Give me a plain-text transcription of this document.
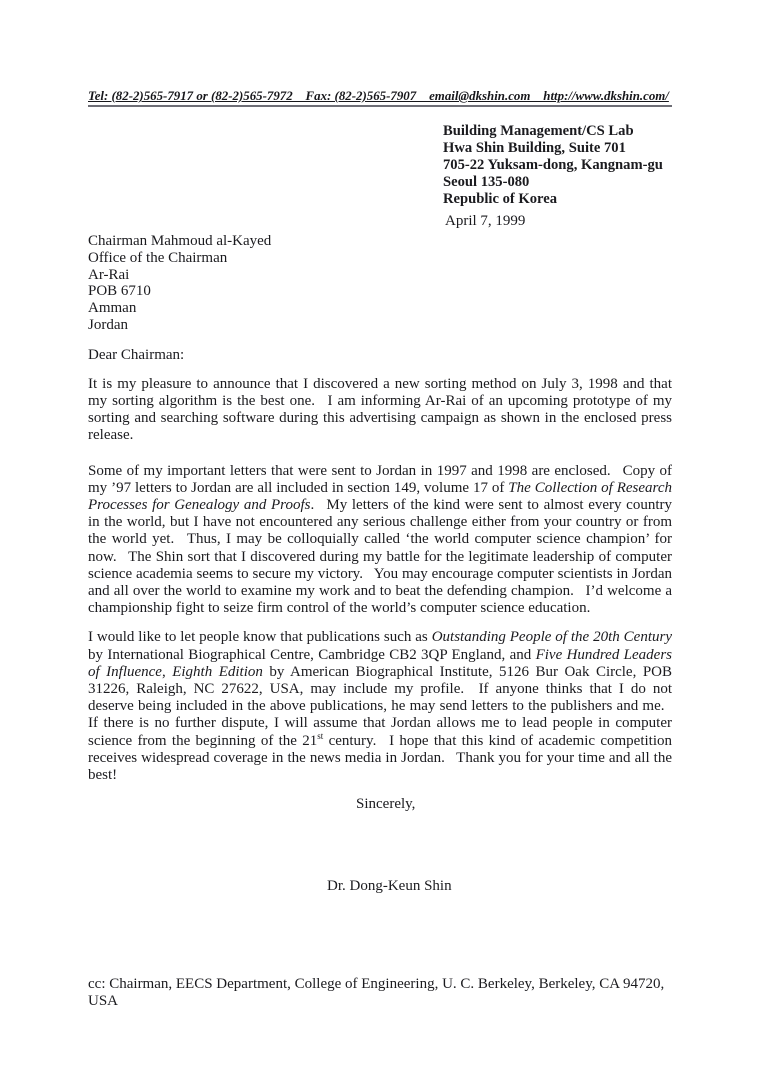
Tel: (82-2)565-7917 or (82-2)565-7972   Fax: (82-2)565-7907   email@dkshin.com   http://www.dkshin.com/
Building Management/CS Lab
Hwa Shin Building, Suite 701
705-22 Yuksam-dong, Kangnam-gu
Seoul 135-080
Republic of Korea
April 7, 1999
Chairman Mahmoud al-Kayed
Office of the Chairman
Ar-Rai
POB 6710
Amman
Jordan
Dear Chairman:

It is my pleasure to announce that I discovered a new sorting method on July 3, 1998 and that my sorting algorithm is the best one.  I am informing Ar-Rai of an upcoming prototype of my sorting and searching software during this advertising campaign as shown in the enclosed press release.

Some of my important letters that were sent to Jordan in 1997 and 1998 are enclosed.  Copy of my ’97 letters to Jordan are all included in section 149, volume 17 of The Collection of Research Processes for Genealogy and Proofs.  My letters of the kind were sent to almost every country in the world, but I have not encountered any serious challenge either from your country or from the world yet.  Thus, I may be colloquially called ‘the world computer science champion’ for now.  The Shin sort that I discovered during my battle for the legitimate leadership of computer science academia seems to secure my victory.  You may encourage computer scientists in Jordan and all over the world to examine my work and to beat the defending champion.  I’d welcome a championship fight to seize firm control of the world’s computer science education.

I would like to let people know that publications such as Outstanding People of the 20th Century by International Biographical Centre, Cambridge CB2 3QP England, and Five Hundred Leaders of Influence, Eighth Edition by American Biographical Institute, 5126 Bur Oak Circle, POB 31226, Raleigh, NC 27622, USA, may include my profile.  If anyone thinks that I do not deserve being included in the above publications, he may send letters to the publishers and me.  If there is no further dispute, I will assume that Jordan allows me to lead people in computer science from the beginning of the 21st century.  I hope that this kind of academic competition receives widespread coverage in the news media in Jordan.  Thank you for your time and all the best!

Sincerely,
Dr. Dong-Keun Shin
cc: Chairman, EECS Department, College of Engineering, U. C. Berkeley, Berkeley, CA 94720, USA
